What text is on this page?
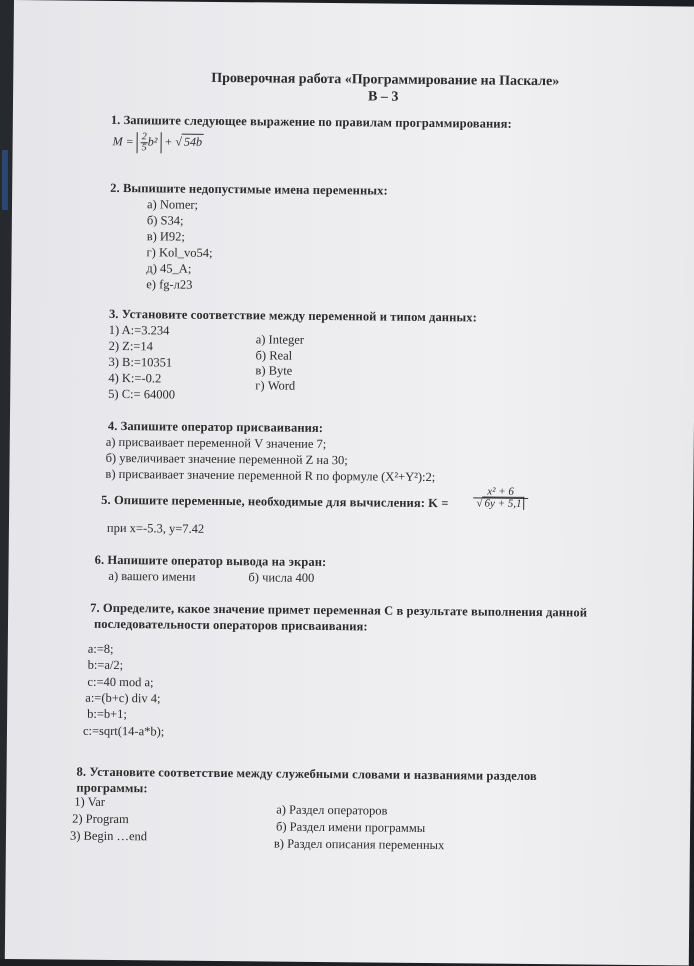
Проверочная работа «Программирование на Паскале»
В – 3
1. Запишите следующее выражение по правилам программирования:
$M = \frac{2}{5} b^2$ + √ 54b
2. Выпишите недопустимые имена переменных:
а) Nomer;
б) S34;
в) И92;
г) Kol_vo54;
д) 45_A;
е) fg-л23
3. Установите соответствие между переменной и типом данных:
1) A:=3.234
2) Z:=14
3) B:=10351
4) K:=-0.2
5) C:= 64000
а) Integer
б) Real
в) Byte
г) Word
4. Запишите оператор присваивания:
а) присваивает переменной V значение 7;
б) увеличивает значение переменной Z на 30;
в) присваивает значение переменной R по формуле (X²+Y²):2;
5. Опишите переменные, необходимые для вычисления: $K = \frac{\text{x² + 6}}{√ 6y + 5,1}$
при x=-5.3, y=7.42
6. Напишите оператор вывода на экран:
а) вашего имени	б) числа 400
7. Определите, какое значение примет переменная C в результате выполнения данной
последовательности операторов присваивания:
a:=8;
b:=a/2;
c:=40 mod a;
a:=(b+c) div 4;
b:=b+1;
c:=sqrt(14-a*b);
8. Установите соответствие между служебными словами и названиями разделов
программы:
1) Var
2) Program
3) Begin …end
а) Раздел операторов
б) Раздел имени программы
в) Раздел описания переменных
